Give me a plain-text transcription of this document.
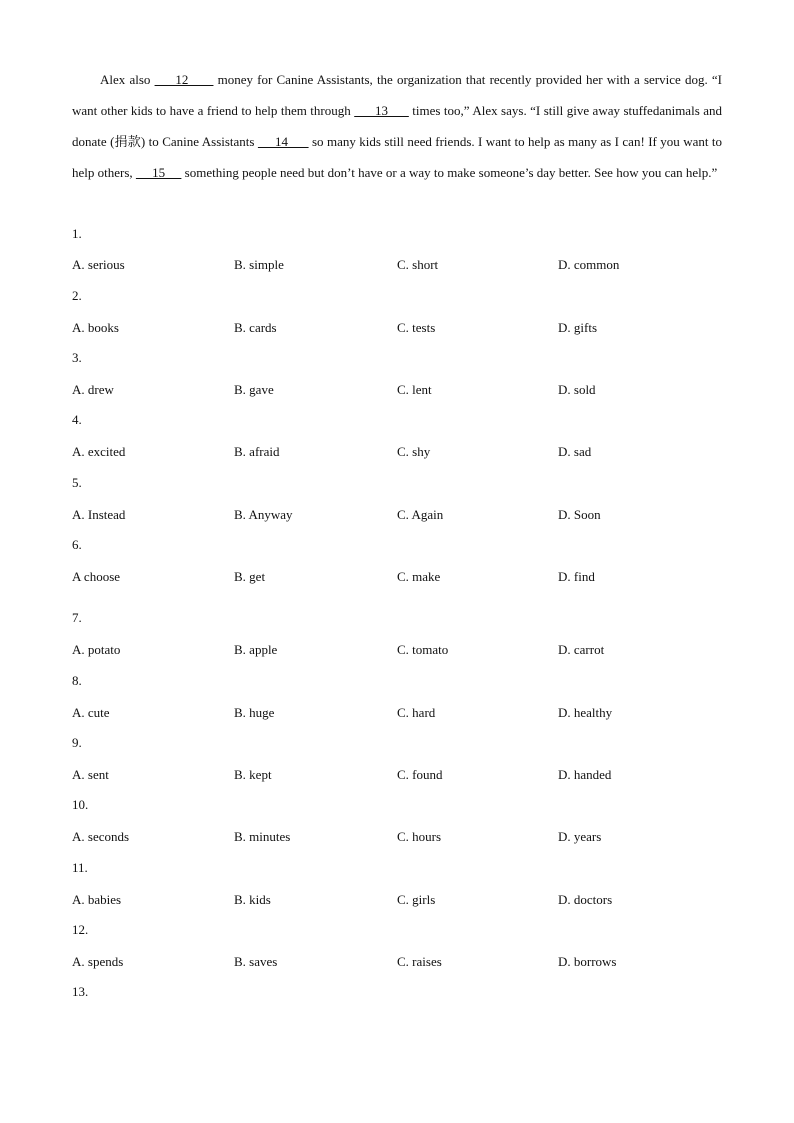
Alex also      12       money for Canine Assistants, the organization that recently provided her with a service dog. “I want other kids to have a friend to help them through       13       times too,” Alex says. “I still give away stuffedanimals and donate (捐款) to Canine Assistants      14       so many kids still need friends. I want to help as many as I can! If you want to help others,      15      something people need but don’t have or a way to make someone’s day better. See how you can help.”

1.
A. serious	B. simple	C. short	D. common
2.
A. books	B. cards	C. tests	D. gifts
3.
A. drew	B. gave	C. lent	D. sold
4.
A. excited	B. afraid	C. shy	D. sad
5.
A. Instead	B. Anyway	C. Again	D. Soon
6.
A choose	B. get	C. make	D. find
7.
A. potato	B. apple	C. tomato	D. carrot
8.
A. cute	B. huge	C. hard	D. healthy
9.
A. sent	B. kept	C. found	D. handed
10.
A. seconds	B. minutes	C. hours	D. years
11.
A. babies	B. kids	C. girls	D. doctors
12.
A. spends	B. saves	C. raises	D. borrows
13.
